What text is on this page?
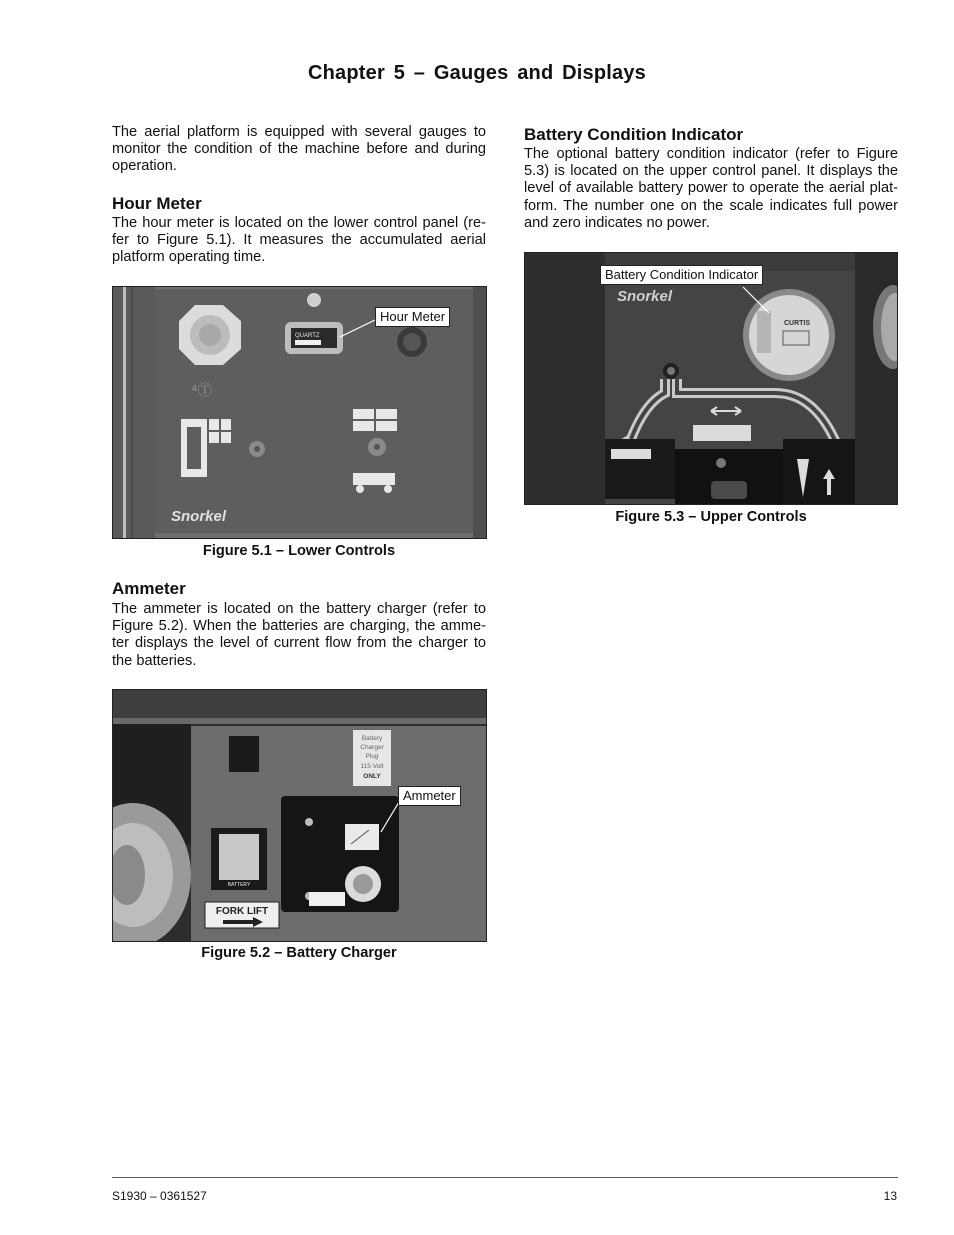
Chapter 5 – Gauges and Displays
The aerial platform is equipped with several gauges to monitor the condition of the machine before and during operation.
Hour Meter
The hour meter is located on the lower control panel (re-fer to Figure 5.1). It measures the accumulated aerial platform operating time.
⁴Ⓣ
QUARTZ
Snorkel
Hour Meter
Figure 5.1 – Lower Controls
Ammeter
The ammeter is located on the battery charger (refer to Figure 5.2). When the batteries are charging, the amme-ter displays the level of current flow from the charger to the batteries.
Battery
Charger
Plug
115 Volt
ONLY
BATTERY
FORK LIFT
Ammeter
Figure 5.2 – Battery Charger
Battery Condition Indicator
The optional battery condition indicator (refer to Figure 5.3) is located on the upper control panel. It displays the level of available battery power to operate the aerial plat-form. The number one on the scale indicates full power and zero indicates no power.
Snorkel
CURTIS
Battery Condition Indicator
Figure 5.3 – Upper Controls
S1930 – 0361527	13
